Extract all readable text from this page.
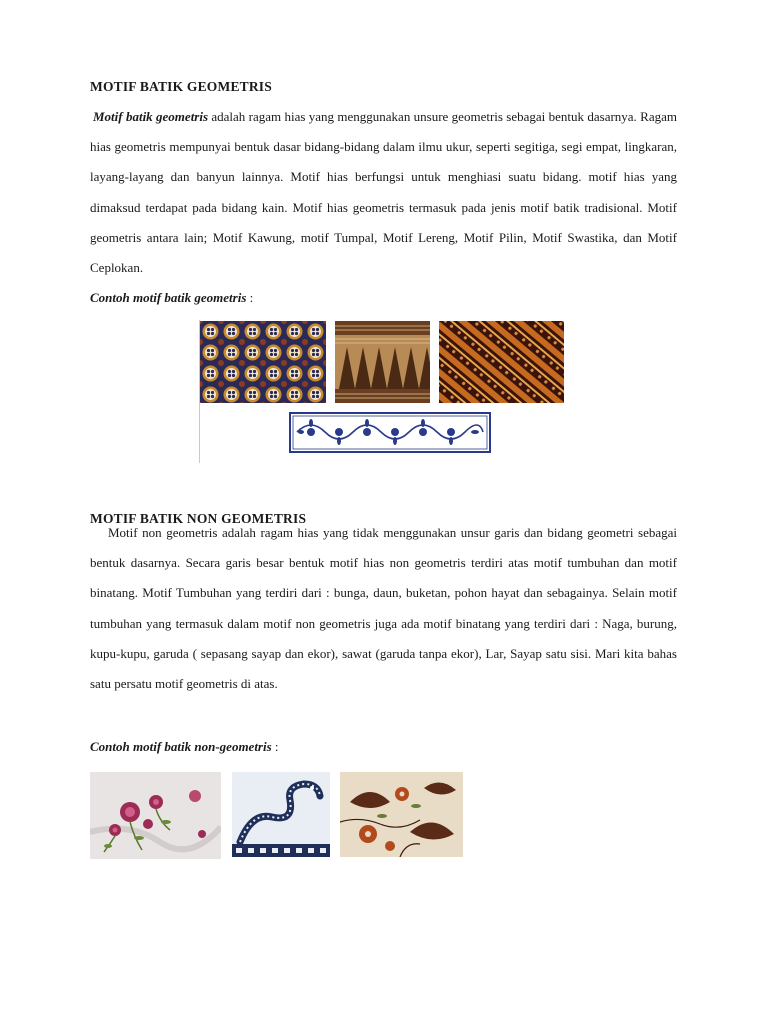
MOTIF BATIK GEOMETRIS

Motif batik geometris adalah ragam hias yang menggunakan unsure geometris sebagai bentuk dasarnya. Ragam hias geometris mempunyai bentuk dasar bidang-bidang dalam ilmu ukur, seperti segitiga, segi empat, lingkaran, layang-layang dan banyun lainnya. Motif hias berfungsi untuk menghiasi suatu bidang. motif hias yang dimaksud terdapat pada bidang kain. Motif hias geometris termasuk pada jenis motif batik tradisional. Motif geometris antara lain; Motif Kawung, motif Tumpal, Motif Lereng, Motif Pilin, Motif Swastika, dan Motif Ceplokan.

Contoh motif batik geometris :

MOTIF BATIK NON GEOMETRIS

Motif non geometris adalah ragam hias yang tidak menggunakan unsur garis dan bidang geometri sebagai bentuk dasarnya. Secara garis besar bentuk motif hias non geometris terdiri atas motif tumbuhan dan motif binatang. Motif Tumbuhan yang terdiri dari : bunga, daun, buketan, pohon hayat dan sebagainya. Selain motif tumbuhan yang termasuk dalam motif non geometris juga ada motif binatang yang terdiri dari : Naga, burung, kupu-kupu, garuda ( sepasang sayap dan ekor), sawat (garuda tanpa ekor), Lar, Sayap satu sisi. Mari kita bahas satu persatu motif geometris di atas.

Contoh motif batik non-geometris :
